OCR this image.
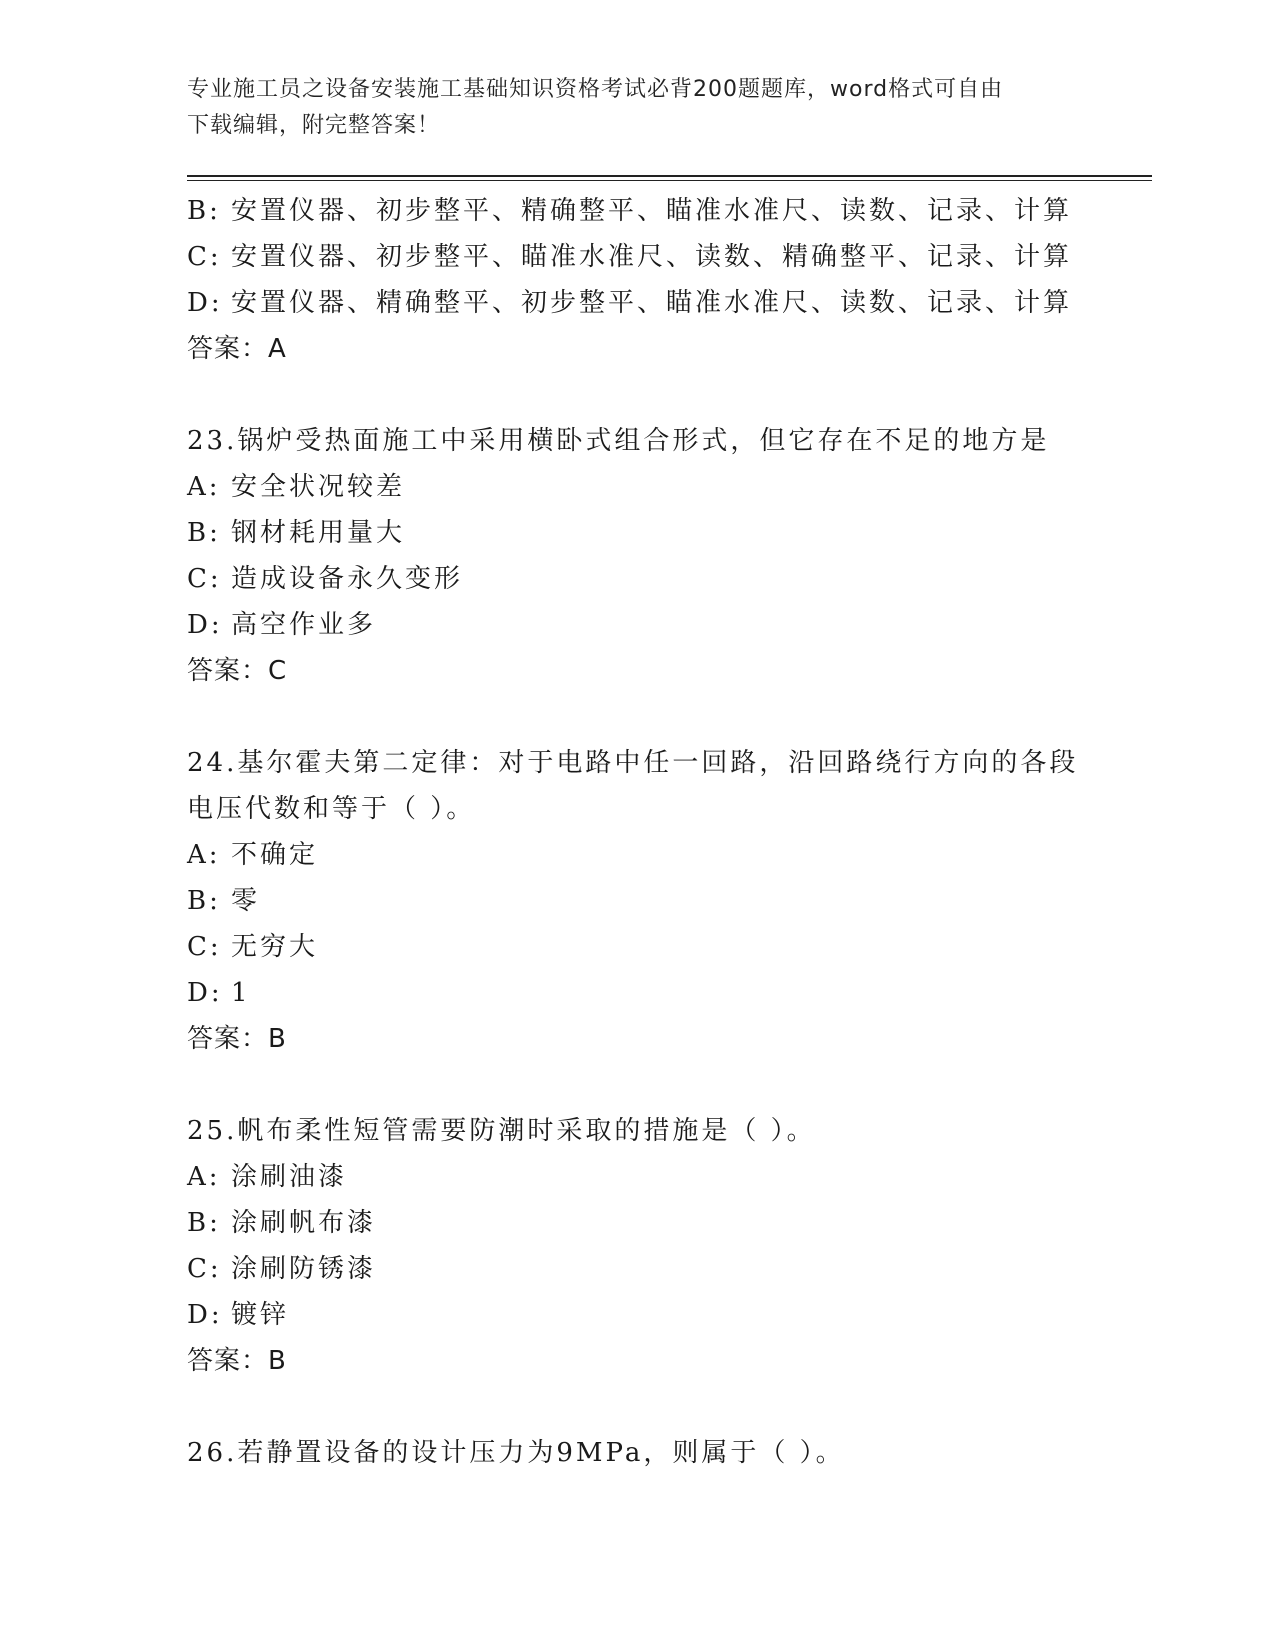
专业施工员之设备安装施工基础知识资格考试必背200题题库，word格式可自由
下载编辑，附完整答案！
B: 安置仪器、初步整平、精确整平、瞄准水准尺、读数、记录、计算
C: 安置仪器、初步整平、瞄准水准尺、读数、精确整平、记录、计算
D: 安置仪器、精确整平、初步整平、瞄准水准尺、读数、记录、计算
答案：A
23.锅炉受热面施工中采用横卧式组合形式，但它存在不足的地方是
A: 安全状况较差
B: 钢材耗用量大
C: 造成设备永久变形
D: 高空作业多
答案：C
24.基尔霍夫第二定律：对于电路中任一回路，沿回路绕行方向的各段
电压代数和等于（ ）。
A: 不确定
B: 零
C: 无穷大
D: 1
答案：B
25.帆布柔性短管需要防潮时采取的措施是（ ）。
A: 涂刷油漆
B: 涂刷帆布漆
C: 涂刷防锈漆
D: 镀锌
答案：B
26.若静置设备的设计压力为9MPa，则属于（ ）。
